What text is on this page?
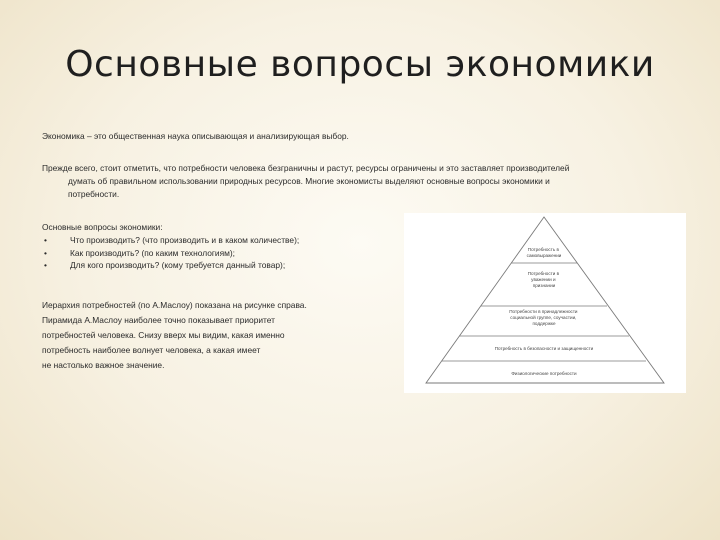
Основные вопросы экономики
Экономика – это общественная наука описывающая и анализирующая выбор.
Прежде всего, стоит отметить, что потребности человека безграничны и растут, ресурсы ограничены и это заставляет производителей
думать об правильном использовании природных ресурсов. Многие экономисты выделяют основные вопросы экономики и
потребности.
Основные вопросы экономики:
•	Что производить? (что производить и в каком количестве);
•	Как производить? (по каким технологиям);
•	Для кого производить? (кому требуется данный товар);
Иерархия потребностей (по А.Маслоу) показана на рисунке справа.
Пирамида А.Маслоу наиболее точно показывает приоритет
потребностей человека. Снизу вверх мы видим, какая именно
потребность наиболее волнует человека, а какая имеет
не настолько важное значение.
Потребность в самовыражении
Потребности в уважении и признании
Потребности в принадлежности социальной группе, соучастии, поддержке
Потребность в безопасности и защищенности
Физиологические потребности
